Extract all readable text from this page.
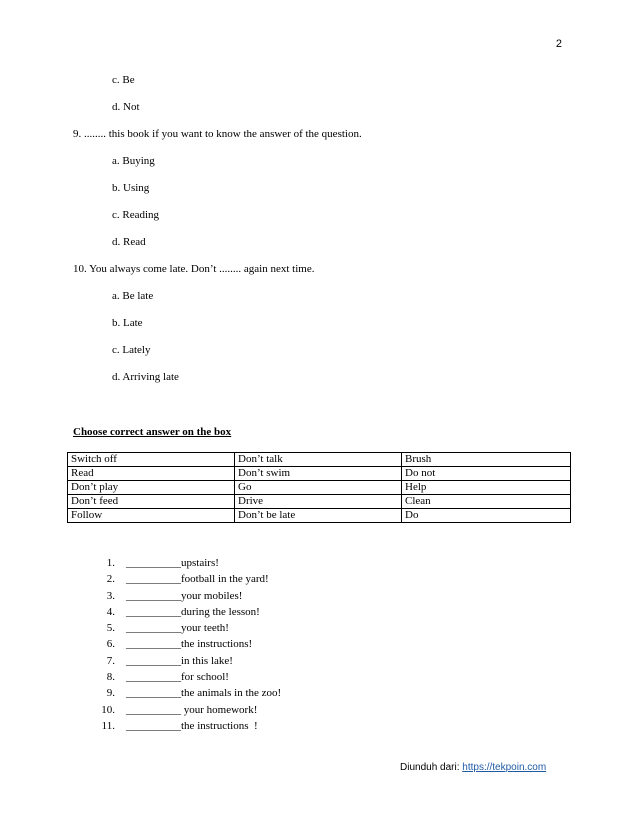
2
c. Be
d. Not
9. ........ this book if you want to know the answer of the question.
a. Buying
b. Using
c. Reading
d. Read
10. You always come late. Don’t ........ again next time.
a. Be late
b. Late
c. Lately
d. Arriving late
Choose correct answer on the box
Switch off	Don’t talk	Brush
Read	Don’t swim	Do not
Don’t play	Go	Help
Don’t feed	Drive	Clean
Follow	Don’t be late	Do
1. __________upstairs!
2. __________football in the yard!
3. __________your mobiles!
4. __________during the lesson!
5. __________your teeth!
6. __________the instructions!
7. __________in this lake!
8. __________for school!
9. __________the animals in the zoo!
10. __________ your homework!
11. __________the instructions  !
Diunduh dari: https://tekpoin.com
